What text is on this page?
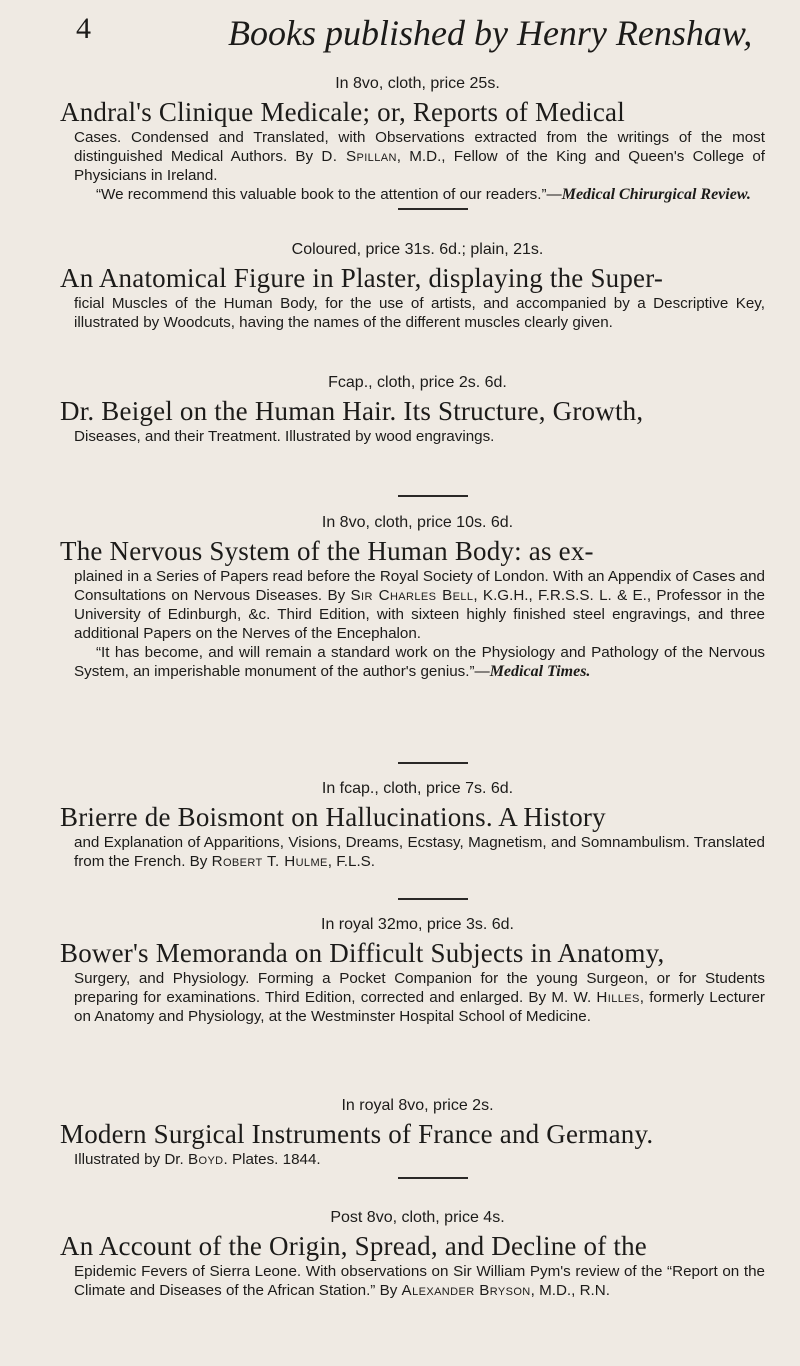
4	Books published by Henry Renshaw,

In 8vo, cloth, price 25s.

Andral's Clinique Medicale; or, Reports of Medical

Cases. Condensed and Translated, with Observations extracted from the writings of the most distinguished Medical Authors. By D. Spillan, M.D., Fellow of the King and Queen's College of Physicians in Ireland.

“We recommend this valuable book to the attention of our readers.”—Medical Chirurgical Review.

Coloured, price 31s. 6d.; plain, 21s.

An Anatomical Figure in Plaster, displaying the Super-

ficial Muscles of the Human Body, for the use of artists, and accompanied by a Descriptive Key, illustrated by Woodcuts, having the names of the different muscles clearly given.

Fcap., cloth, price 2s. 6d.

Dr. Beigel on the Human Hair. Its Structure, Growth,

Diseases, and their Treatment. Illustrated by wood engravings.

In 8vo, cloth, price 10s. 6d.

The Nervous System of the Human Body: as ex-

plained in a Series of Papers read before the Royal Society of London. With an Appendix of Cases and Consultations on Nervous Diseases. By Sir Charles Bell, K.G.H., F.R.S.S. L. & E., Professor in the University of Edinburgh, &c. Third Edition, with sixteen highly finished steel engravings, and three additional Papers on the Nerves of the Encephalon.

“It has become, and will remain a standard work on the Physiology and Pathology of the Nervous System, an imperishable monument of the author's genius.”—Medical Times.

In fcap., cloth, price 7s. 6d.

Brierre de Boismont on Hallucinations. A History

and Explanation of Apparitions, Visions, Dreams, Ecstasy, Magnetism, and Somnambulism. Translated from the French. By Robert T. Hulme, F.L.S.

In royal 32mo, price 3s. 6d.

Bower's Memoranda on Difficult Subjects in Anatomy,

Surgery, and Physiology. Forming a Pocket Companion for the young Surgeon, or for Students preparing for examinations. Third Edition, corrected and enlarged. By M. W. Hilles, formerly Lecturer on Anatomy and Physiology, at the Westminster Hospital School of Medicine.

In royal 8vo, price 2s.

Modern Surgical Instruments of France and Germany.

Illustrated by Dr. Boyd. Plates. 1844.

Post 8vo, cloth, price 4s.

An Account of the Origin, Spread, and Decline of the

Epidemic Fevers of Sierra Leone. With observations on Sir William Pym's review of the “Report on the Climate and Diseases of the African Station.” By Alexander Bryson, M.D., R.N.
